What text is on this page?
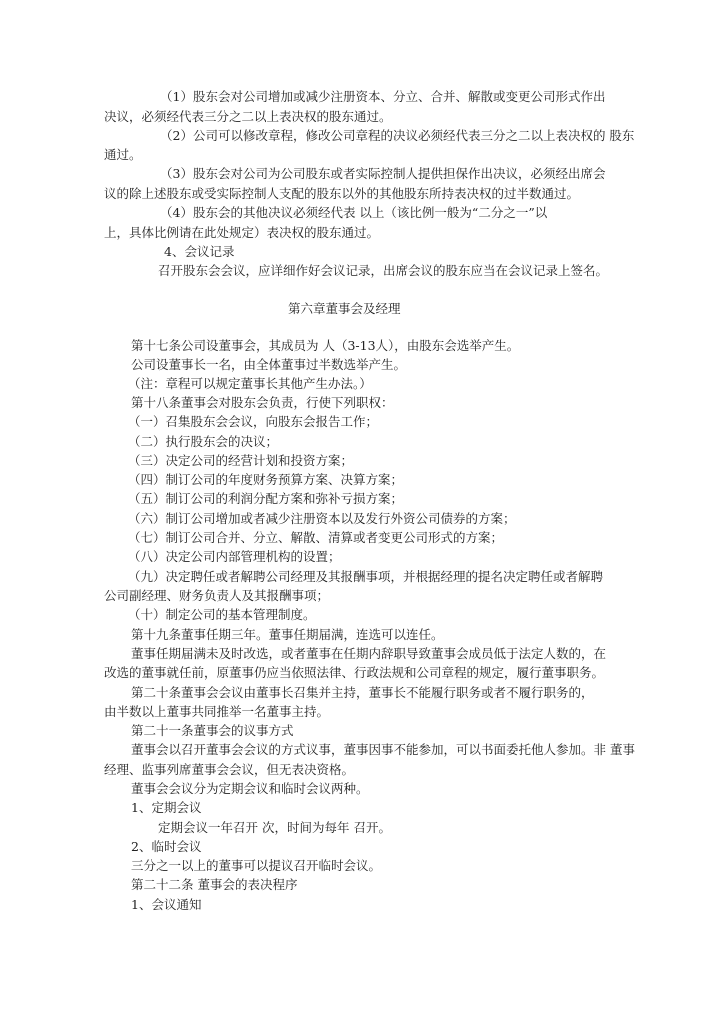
（1）股东会对公司增加或减少注册资本、分立、合并、解散或变更公司形式作出
决议，必须经代表三分之二以上表决权的股东通过。
（2）公司可以修改章程，修改公司章程的决议必须经代表三分之二以上表决权的 股东
通过。
（3）股东会对公司为公司股东或者实际控制人提供担保作出决议，必须经出席会
议的除上述股东或受实际控制人支配的股东以外的其他股东所持表决权的过半数通过。
（4）股东会的其他决议必须经代表 以上（该比例一般为“二分之一”以
上，具体比例请在此处规定）表决权的股东通过。
4、会议记录
召开股东会会议，应详细作好会议记录，出席会议的股东应当在会议记录上签名。
第六章董事会及经理
第十七条公司设董事会，其成员为 人（3-13人），由股东会选举产生。
公司设董事长一名，由全体董事过半数选举产生。
（注：章程可以规定董事长其他产生办法。）
第十八条董事会对股东会负责，行使下列职权：
（一）召集股东会会议，向股东会报告工作；
（二）执行股东会的决议；
（三）决定公司的经营计划和投资方案；
（四）制订公司的年度财务预算方案、决算方案；
（五）制订公司的利润分配方案和弥补亏损方案；
（六）制订公司增加或者减少注册资本以及发行外资公司债券的方案；
（七）制订公司合并、分立、解散、清算或者变更公司形式的方案；
（八）决定公司内部管理机构的设置；
（九）决定聘任或者解聘公司经理及其报酬事项，并根据经理的提名决定聘任或者解聘
公司副经理、财务负责人及其报酬事项；
（十）制定公司的基本管理制度。
第十九条董事任期三年。董事任期届满，连选可以连任。
董事任期届满未及时改选，或者董事在任期内辞职导致董事会成员低于法定人数的，在
改选的董事就任前，原董事仍应当依照法律、行政法规和公司章程的规定，履行董事职务。
第二十条董事会会议由董事长召集并主持，董事长不能履行职务或者不履行职务的，
由半数以上董事共同推举一名董事主持。
第二十一条董事会的议事方式
董事会以召开董事会会议的方式议事，董事因事不能参加，可以书面委托他人参加。非 董事
经理、监事列席董事会会议，但无表决资格。
董事会会议分为定期会议和临时会议两种。
1、定期会议
定期会议一年召开 次，时间为每年 召开。
2、临时会议
三分之一以上的董事可以提议召开临时会议。
第二十二条 董事会的表决程序
1、会议通知
